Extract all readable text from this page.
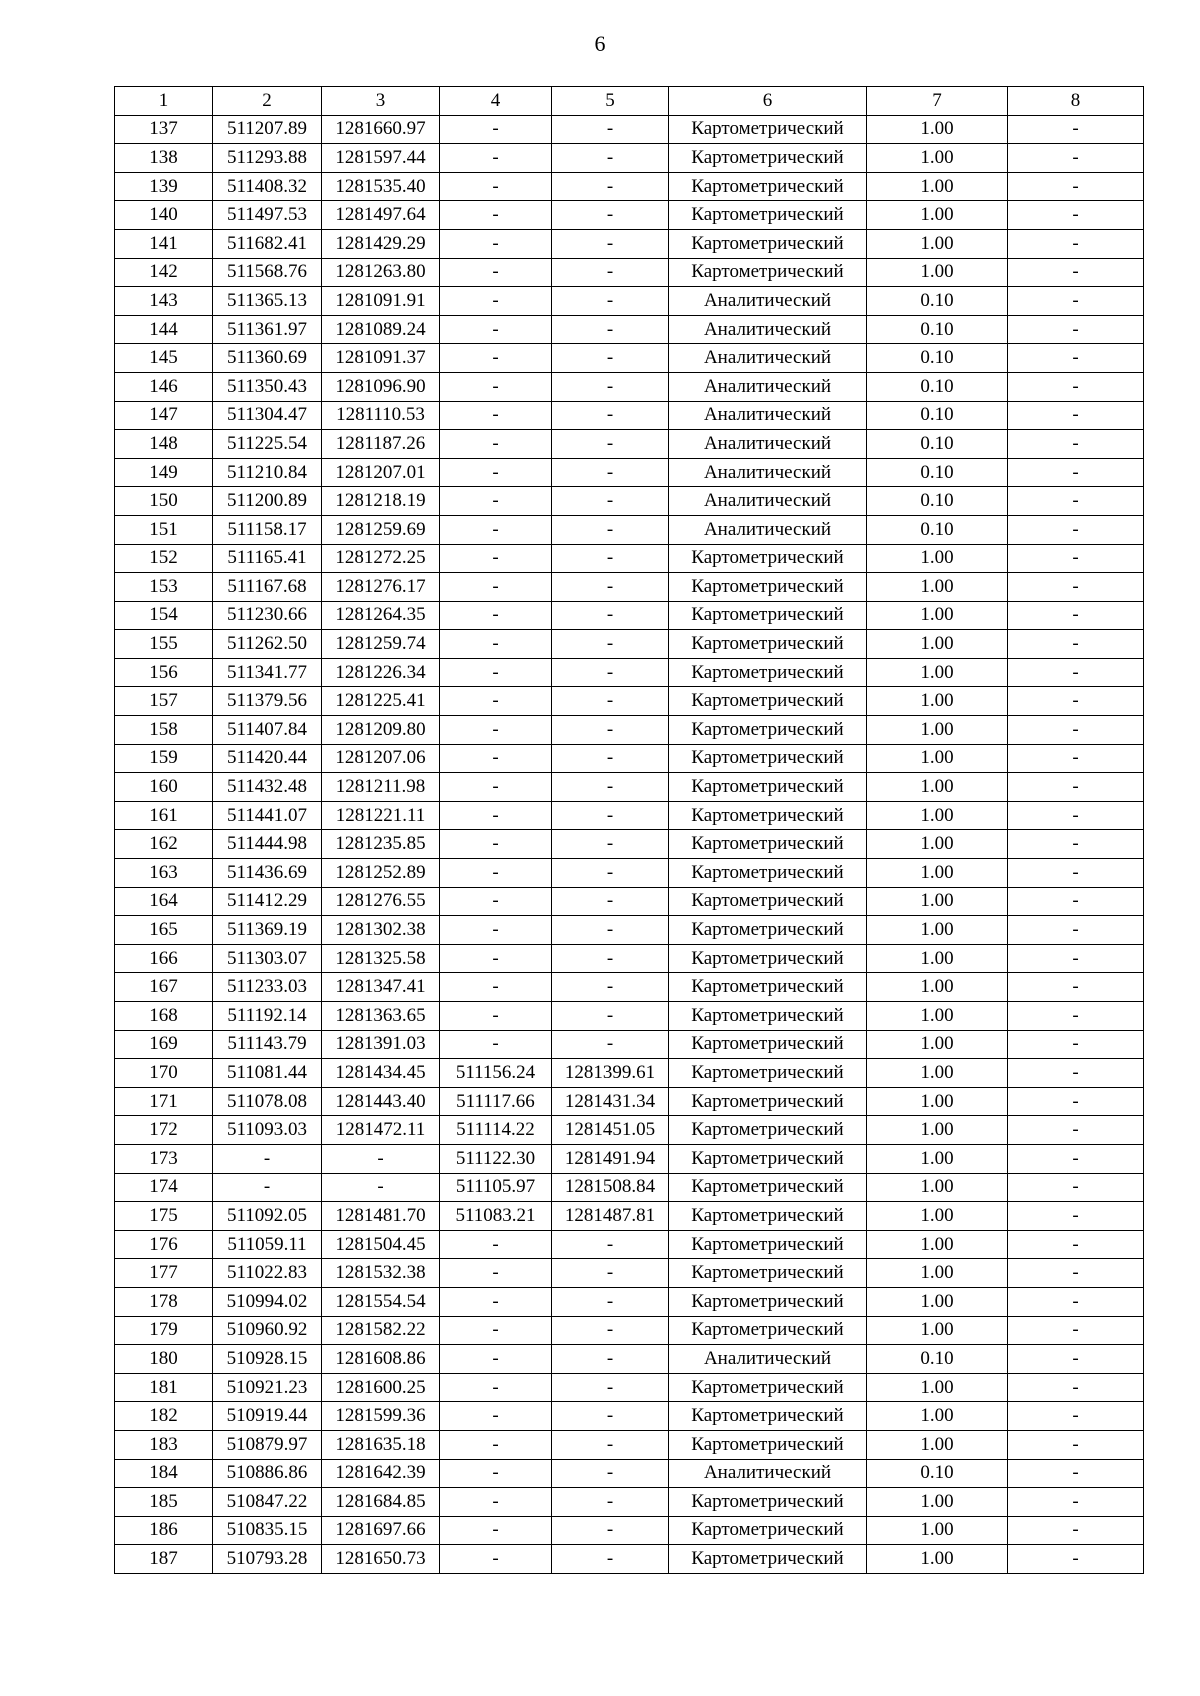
6
1	2	3	4	5	6	7	8
137	511207.89	1281660.97	-	-	Картометрический	1.00	-
138	511293.88	1281597.44	-	-	Картометрический	1.00	-
139	511408.32	1281535.40	-	-	Картометрический	1.00	-
140	511497.53	1281497.64	-	-	Картометрический	1.00	-
141	511682.41	1281429.29	-	-	Картометрический	1.00	-
142	511568.76	1281263.80	-	-	Картометрический	1.00	-
143	511365.13	1281091.91	-	-	Аналитический	0.10	-
144	511361.97	1281089.24	-	-	Аналитический	0.10	-
145	511360.69	1281091.37	-	-	Аналитический	0.10	-
146	511350.43	1281096.90	-	-	Аналитический	0.10	-
147	511304.47	1281110.53	-	-	Аналитический	0.10	-
148	511225.54	1281187.26	-	-	Аналитический	0.10	-
149	511210.84	1281207.01	-	-	Аналитический	0.10	-
150	511200.89	1281218.19	-	-	Аналитический	0.10	-
151	511158.17	1281259.69	-	-	Аналитический	0.10	-
152	511165.41	1281272.25	-	-	Картометрический	1.00	-
153	511167.68	1281276.17	-	-	Картометрический	1.00	-
154	511230.66	1281264.35	-	-	Картометрический	1.00	-
155	511262.50	1281259.74	-	-	Картометрический	1.00	-
156	511341.77	1281226.34	-	-	Картометрический	1.00	-
157	511379.56	1281225.41	-	-	Картометрический	1.00	-
158	511407.84	1281209.80	-	-	Картометрический	1.00	-
159	511420.44	1281207.06	-	-	Картометрический	1.00	-
160	511432.48	1281211.98	-	-	Картометрический	1.00	-
161	511441.07	1281221.11	-	-	Картометрический	1.00	-
162	511444.98	1281235.85	-	-	Картометрический	1.00	-
163	511436.69	1281252.89	-	-	Картометрический	1.00	-
164	511412.29	1281276.55	-	-	Картометрический	1.00	-
165	511369.19	1281302.38	-	-	Картометрический	1.00	-
166	511303.07	1281325.58	-	-	Картометрический	1.00	-
167	511233.03	1281347.41	-	-	Картометрический	1.00	-
168	511192.14	1281363.65	-	-	Картометрический	1.00	-
169	511143.79	1281391.03	-	-	Картометрический	1.00	-
170	511081.44	1281434.45	511156.24	1281399.61	Картометрический	1.00	-
171	511078.08	1281443.40	511117.66	1281431.34	Картометрический	1.00	-
172	511093.03	1281472.11	511114.22	1281451.05	Картометрический	1.00	-
173	-	-	511122.30	1281491.94	Картометрический	1.00	-
174	-	-	511105.97	1281508.84	Картометрический	1.00	-
175	511092.05	1281481.70	511083.21	1281487.81	Картометрический	1.00	-
176	511059.11	1281504.45	-	-	Картометрический	1.00	-
177	511022.83	1281532.38	-	-	Картометрический	1.00	-
178	510994.02	1281554.54	-	-	Картометрический	1.00	-
179	510960.92	1281582.22	-	-	Картометрический	1.00	-
180	510928.15	1281608.86	-	-	Аналитический	0.10	-
181	510921.23	1281600.25	-	-	Картометрический	1.00	-
182	510919.44	1281599.36	-	-	Картометрический	1.00	-
183	510879.97	1281635.18	-	-	Картометрический	1.00	-
184	510886.86	1281642.39	-	-	Аналитический	0.10	-
185	510847.22	1281684.85	-	-	Картометрический	1.00	-
186	510835.15	1281697.66	-	-	Картометрический	1.00	-
187	510793.28	1281650.73	-	-	Картометрический	1.00	-
